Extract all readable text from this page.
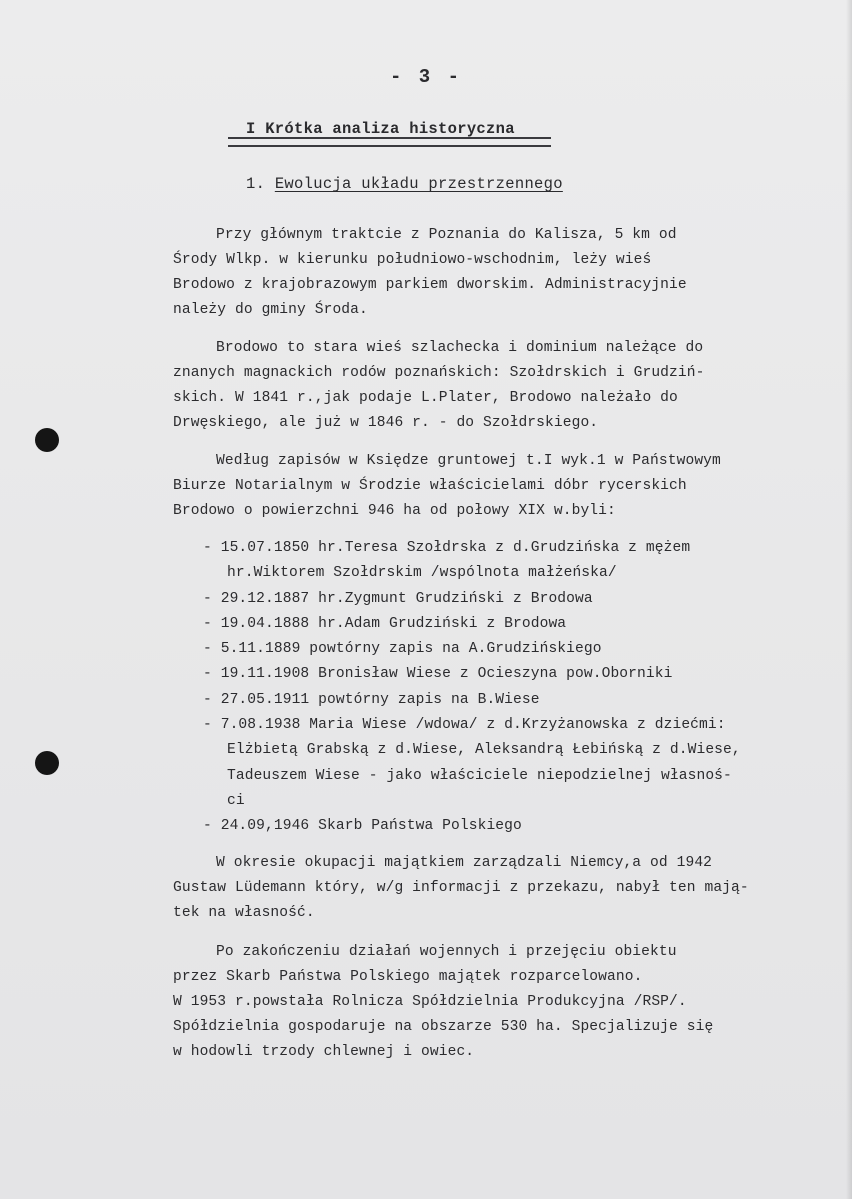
- 3 -
I Krótka analiza historyczna
1. Ewolucja układu przestrzennego

Przy głównym traktcie z Poznania do Kalisza, 5 km od

Środy Wlkp. w kierunku południowo-wschodnim, leży wieś

Brodowo z krajobrazowym parkiem dworskim. Administracyjnie

należy do gminy Środa.

Brodowo to stara wieś szlachecka i dominium należące do

znanych magnackich rodów poznańskich: Szołdrskich i Grudziń-

skich. W 1841 r.,jak podaje L.Plater, Brodowo należało do

Drwęskiego, ale już w 1846 r. - do Szołdrskiego.

Według zapisów w Księdze gruntowej t.I wyk.1 w Państwowym

Biurze Notarialnym w Środzie właścicielami dóbr rycerskich

Brodowo o powierzchni 946 ha od połowy XIX w.byli:

- 15.07.1850 hr.Teresa Szołdrska z d.Grudzińska z mężem
hr.Wiktorem Szołdrskim /wspólnota małżeńska/
- 29.12.1887 hr.Zygmunt Grudziński z Brodowa
- 19.04.1888 hr.Adam Grudziński z Brodowa
- 5.11.1889 powtórny zapis na A.Grudzińskiego
- 19.11.1908 Bronisław Wiese z Ocieszyna pow.Oborniki
- 27.05.1911 powtórny zapis na B.Wiese
- 7.08.1938 Maria Wiese /wdowa/ z d.Krzyżanowska z dziećmi:
Elżbietą Grabską z d.Wiese, Aleksandrą Łebińską z d.Wiese,
Tadeuszem Wiese - jako właściciele niepodzielnej własnoś-
ci
- 24.09,1946 Skarb Państwa Polskiego

W okresie okupacji majątkiem zarządzali Niemcy,a od 1942

Gustaw Lüdemann który, w/g informacji z przekazu, nabył ten mają-

tek na własność.

Po zakończeniu działań wojennych i przejęciu obiektu

przez Skarb Państwa Polskiego majątek rozparcelowano.

W 1953 r.powstała Rolnicza Spółdzielnia Produkcyjna /RSP/.

Spółdzielnia gospodaruje na obszarze 530 ha. Specjalizuje się

w hodowli trzody chlewnej i owiec.
